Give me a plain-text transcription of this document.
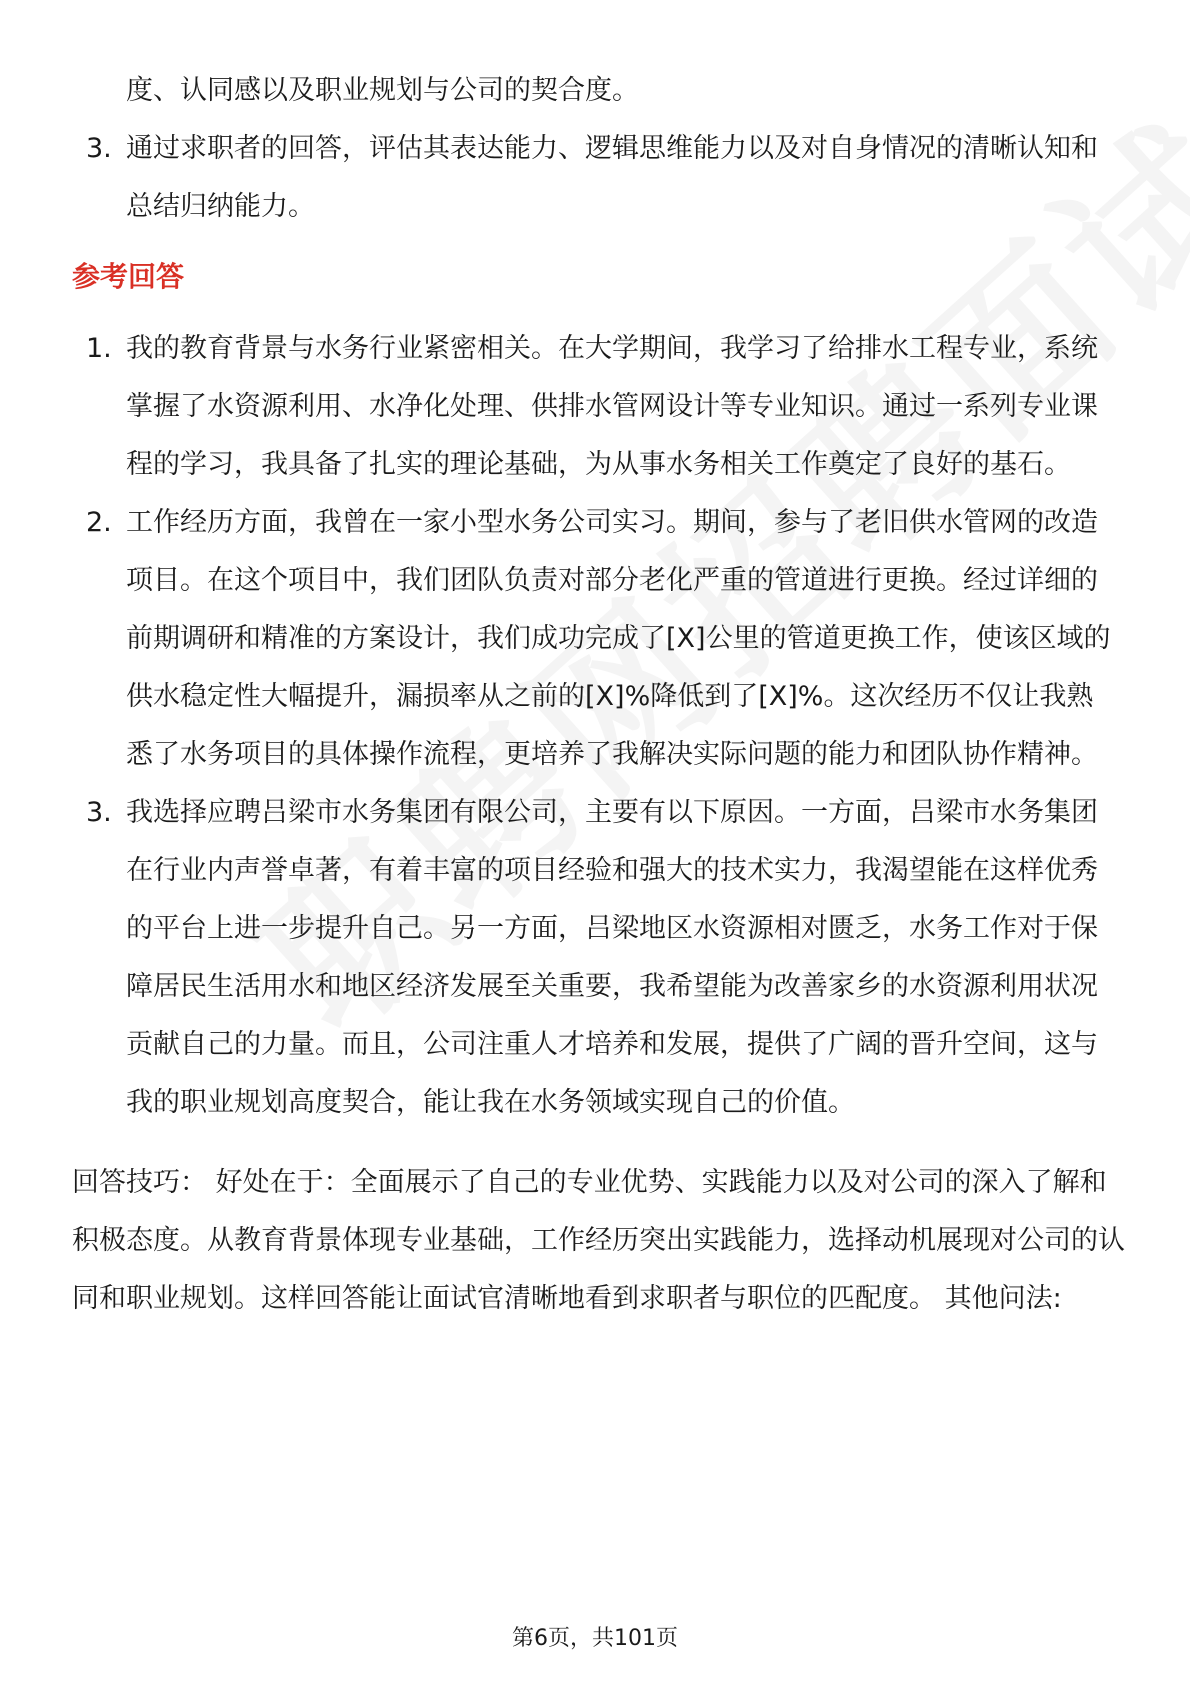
度、认同感以及职业规划与公司的契合度。

3. 通过求职者的回答，评估其表达能力、逻辑思维能力以及对自身情况的清晰认知和总结归纳能力。
参考回答
1. 我的教育背景与水务行业紧密相关。在大学期间，我学习了给排水工程专业，系统掌握了水资源利用、水净化处理、供排水管网设计等专业知识。通过一系列专业课程的学习，我具备了扎实的理论基础，为从事水务相关工作奠定了良好的基石。
2. 工作经历方面，我曾在一家小型水务公司实习。期间，参与了老旧供水管网的改造项目。在这个项目中，我们团队负责对部分老化严重的管道进行更换。经过详细的前期调研和精准的方案设计，我们成功完成了[X]公里的管道更换工作，使该区域的供水稳定性大幅提升，漏损率从之前的[X]%降低到了[X]%。这次经历不仅让我熟悉了水务项目的具体操作流程，更培养了我解决实际问题的能力和团队协作精神。
3. 我选择应聘吕梁市水务集团有限公司，主要有以下原因。一方面，吕梁市水务集团在行业内声誉卓著，有着丰富的项目经验和强大的技术实力，我渴望能在这样优秀的平台上进一步提升自己。另一方面，吕梁地区水资源相对匮乏，水务工作对于保障居民生活用水和地区经济发展至关重要，我希望能为改善家乡的水资源利用状况贡献自己的力量。而且，公司注重人才培养和发展，提供了广阔的晋升空间，这与我的职业规划高度契合，能让我在水务领域实现自己的价值。

回答技巧： 好处在于：全面展示了自己的专业优势、实践能力以及对公司的深入了解和积极态度。从教育背景体现专业基础，工作经历突出实践能力，选择动机展现对公司的认同和职业规划。这样回答能让面试官清晰地看到求职者与职位的匹配度。 其他问法:

第6页，共101页
